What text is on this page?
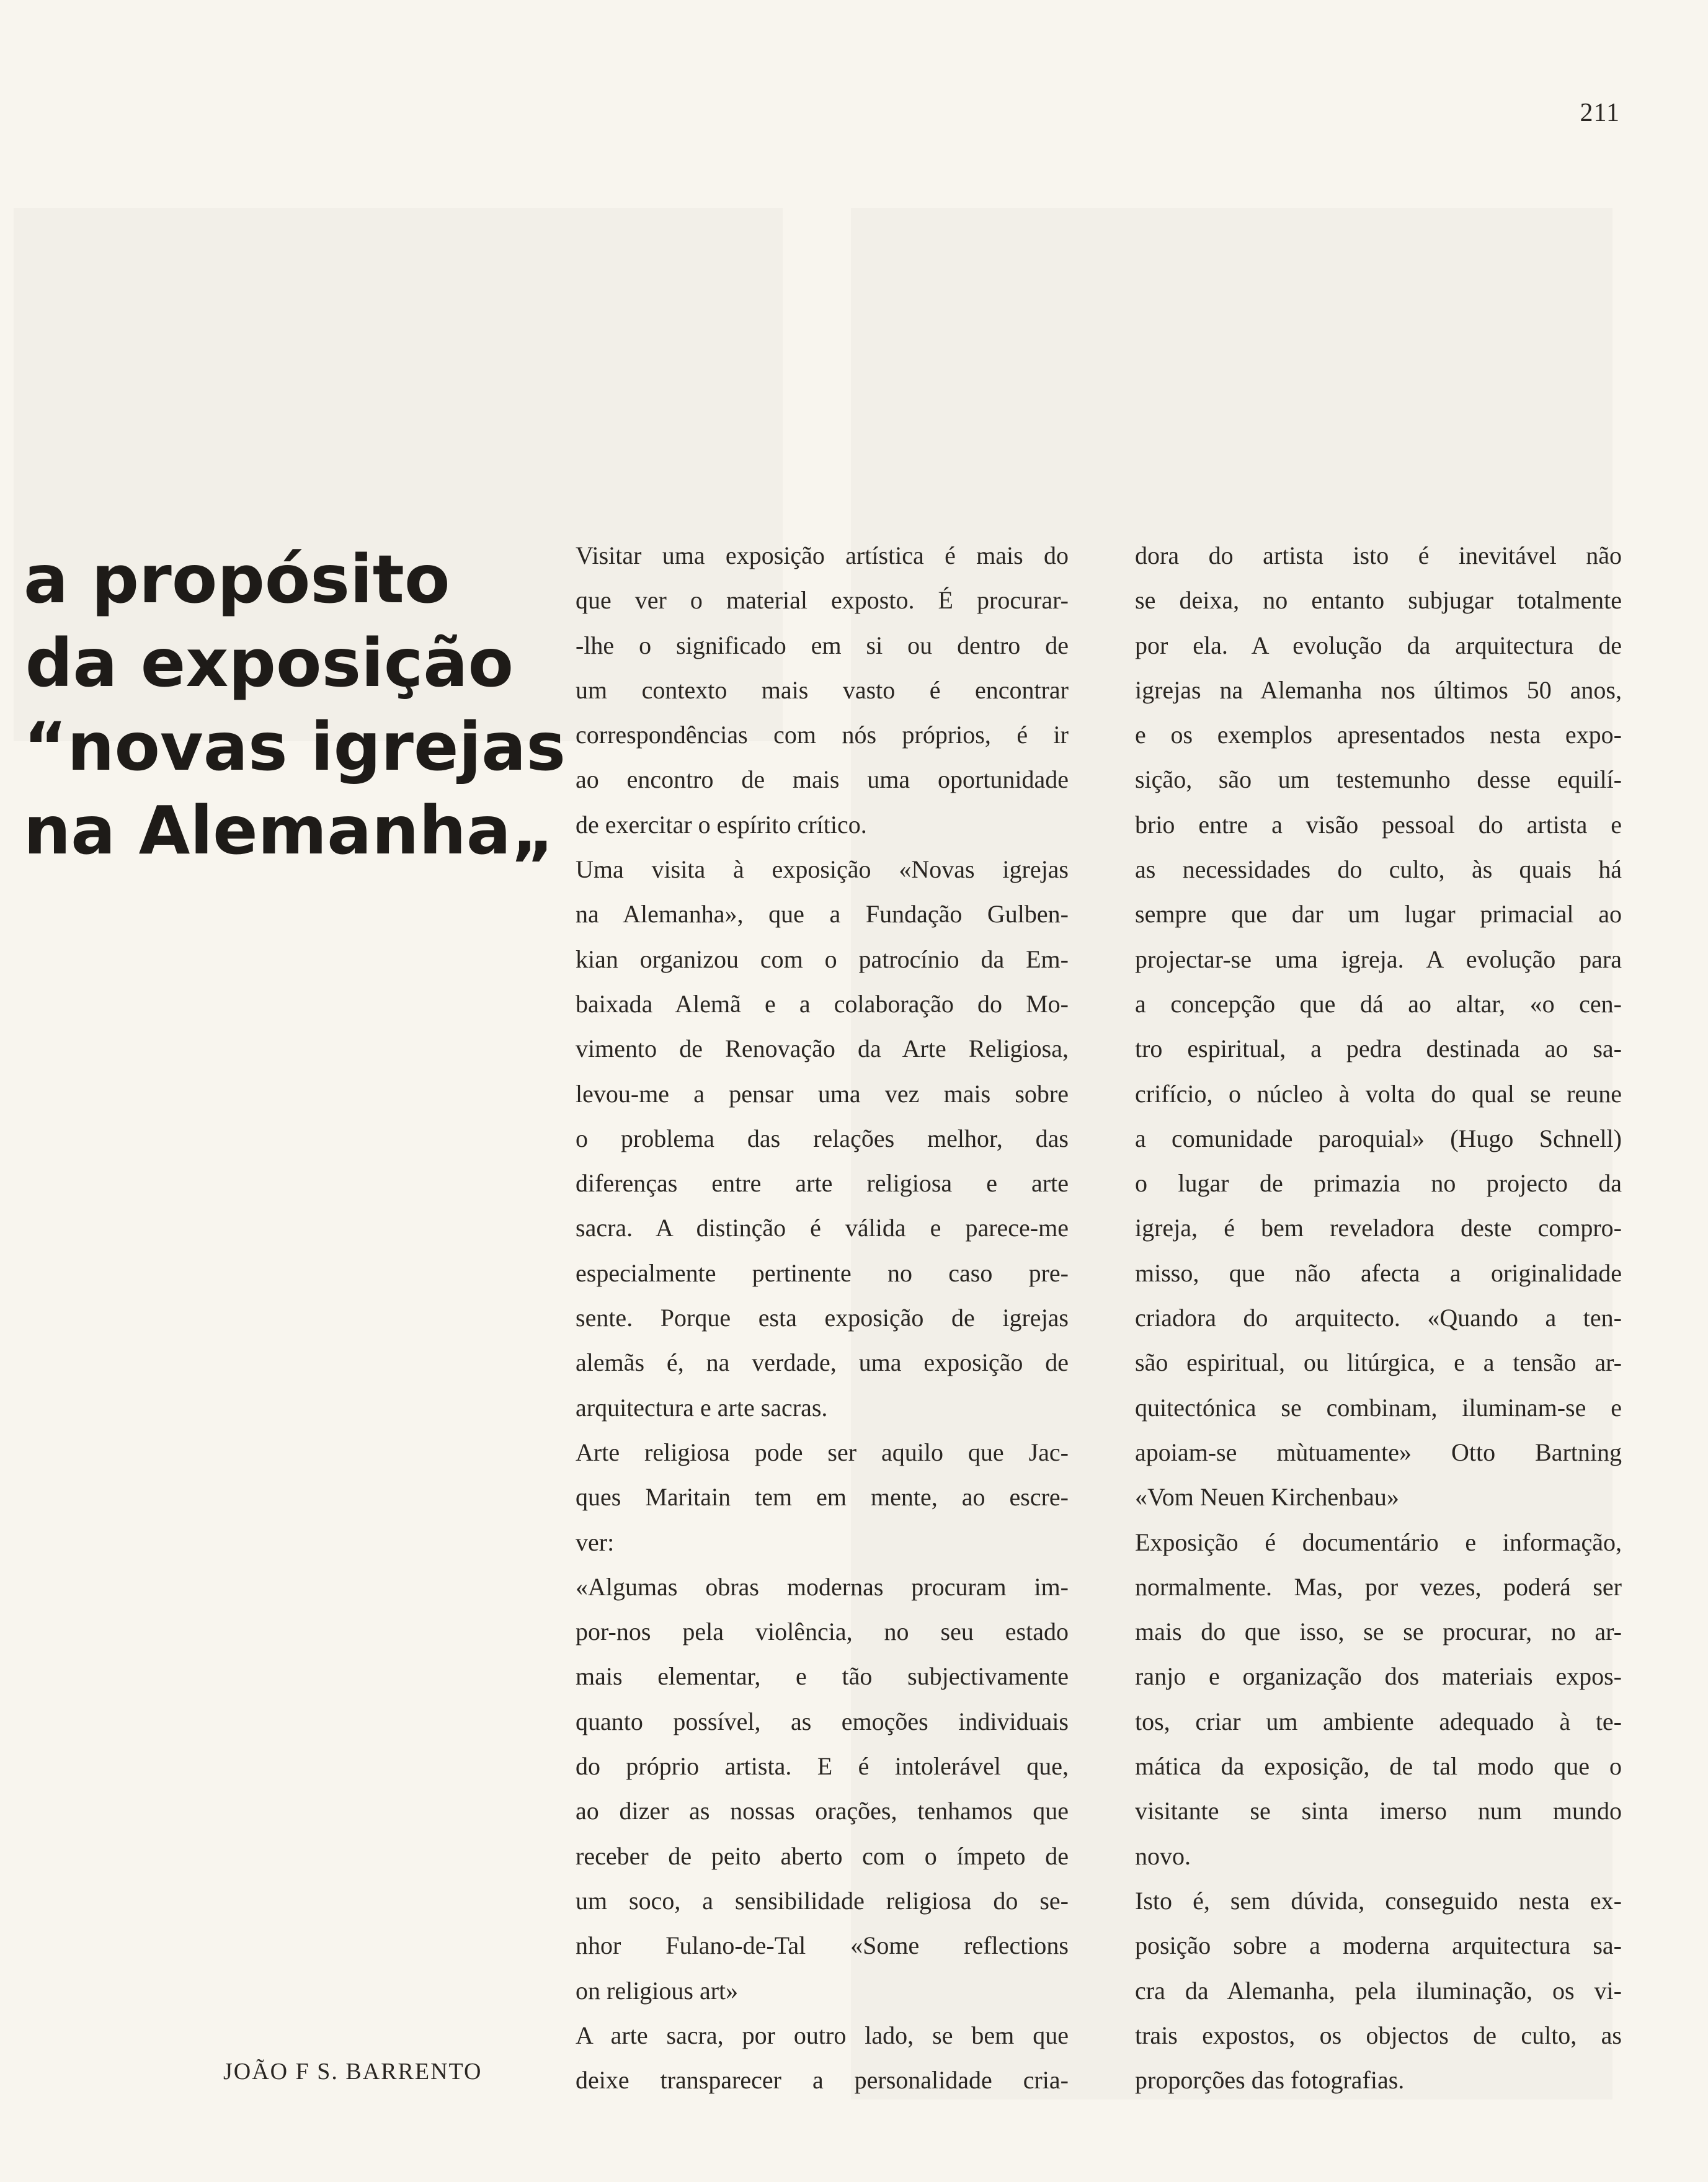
211
a propósito
da exposição
“novas igrejas
na Alemanha„
JOÃO F S. BARRENTO
Visitar uma exposição artística é mais do
que ver o material exposto. É procurar-
-lhe o significado em si ou dentro de
um contexto mais vasto é encontrar
correspondências com nós próprios, é ir
ao encontro de mais uma oportunidade
de exercitar o espírito crítico.
Uma visita à exposição «Novas igrejas
na Alemanha», que a Fundação Gulben-
kian organizou com o patrocínio da Em-
baixada Alemã e a colaboração do Mo-
vimento de Renovação da Arte Religiosa,
levou-me a pensar uma vez mais sobre
o problema das relações melhor, das
diferenças entre arte religiosa e arte
sacra. A distinção é válida e parece-me
especialmente pertinente no caso pre-
sente. Porque esta exposição de igrejas
alemãs é, na verdade, uma exposição de
arquitectura e arte sacras.
Arte religiosa pode ser aquilo que Jac-
ques Maritain tem em mente, ao escre-
ver:
«Algumas obras modernas procuram im-
por-nos pela violência, no seu estado
mais elementar, e tão subjectivamente
quanto possível, as emoções individuais
do próprio artista. E é intolerável que,
ao dizer as nossas orações, tenhamos que
receber de peito aberto com o ímpeto de
um soco, a sensibilidade religiosa do se-
nhor Fulano-de-Tal «Some reflections
on religious art»
A arte sacra, por outro lado, se bem que
deixe transparecer a personalidade cria-
dora do artista isto é inevitável não
se deixa, no entanto subjugar totalmente
por ela. A evolução da arquitectura de
igrejas na Alemanha nos últimos 50 anos,
e os exemplos apresentados nesta expo-
sição, são um testemunho desse equilí-
brio entre a visão pessoal do artista e
as necessidades do culto, às quais há
sempre que dar um lugar primacial ao
projectar-se uma igreja. A evolução para
a concepção que dá ao altar, «o cen-
tro espiritual, a pedra destinada ao sa-
crifício, o núcleo à volta do qual se reune
a comunidade paroquial» (Hugo Schnell)
o lugar de primazia no projecto da
igreja, é bem reveladora deste compro-
misso, que não afecta a originalidade
criadora do arquitecto. «Quando a ten-
são espiritual, ou litúrgica, e a tensão ar-
quitectónica se combinam, iluminam-se e
apoiam-se mùtuamente» Otto Bartning
«Vom Neuen Kirchenbau»
Exposição é documentário e informação,
normalmente. Mas, por vezes, poderá ser
mais do que isso, se se procurar, no ar-
ranjo e organização dos materiais expos-
tos, criar um ambiente adequado à te-
mática da exposição, de tal modo que o
visitante se sinta imerso num mundo
novo.
Isto é, sem dúvida, conseguido nesta ex-
posição sobre a moderna arquitectura sa-
cra da Alemanha, pela iluminação, os vi-
trais expostos, os objectos de culto, as
proporções das fotografias.
